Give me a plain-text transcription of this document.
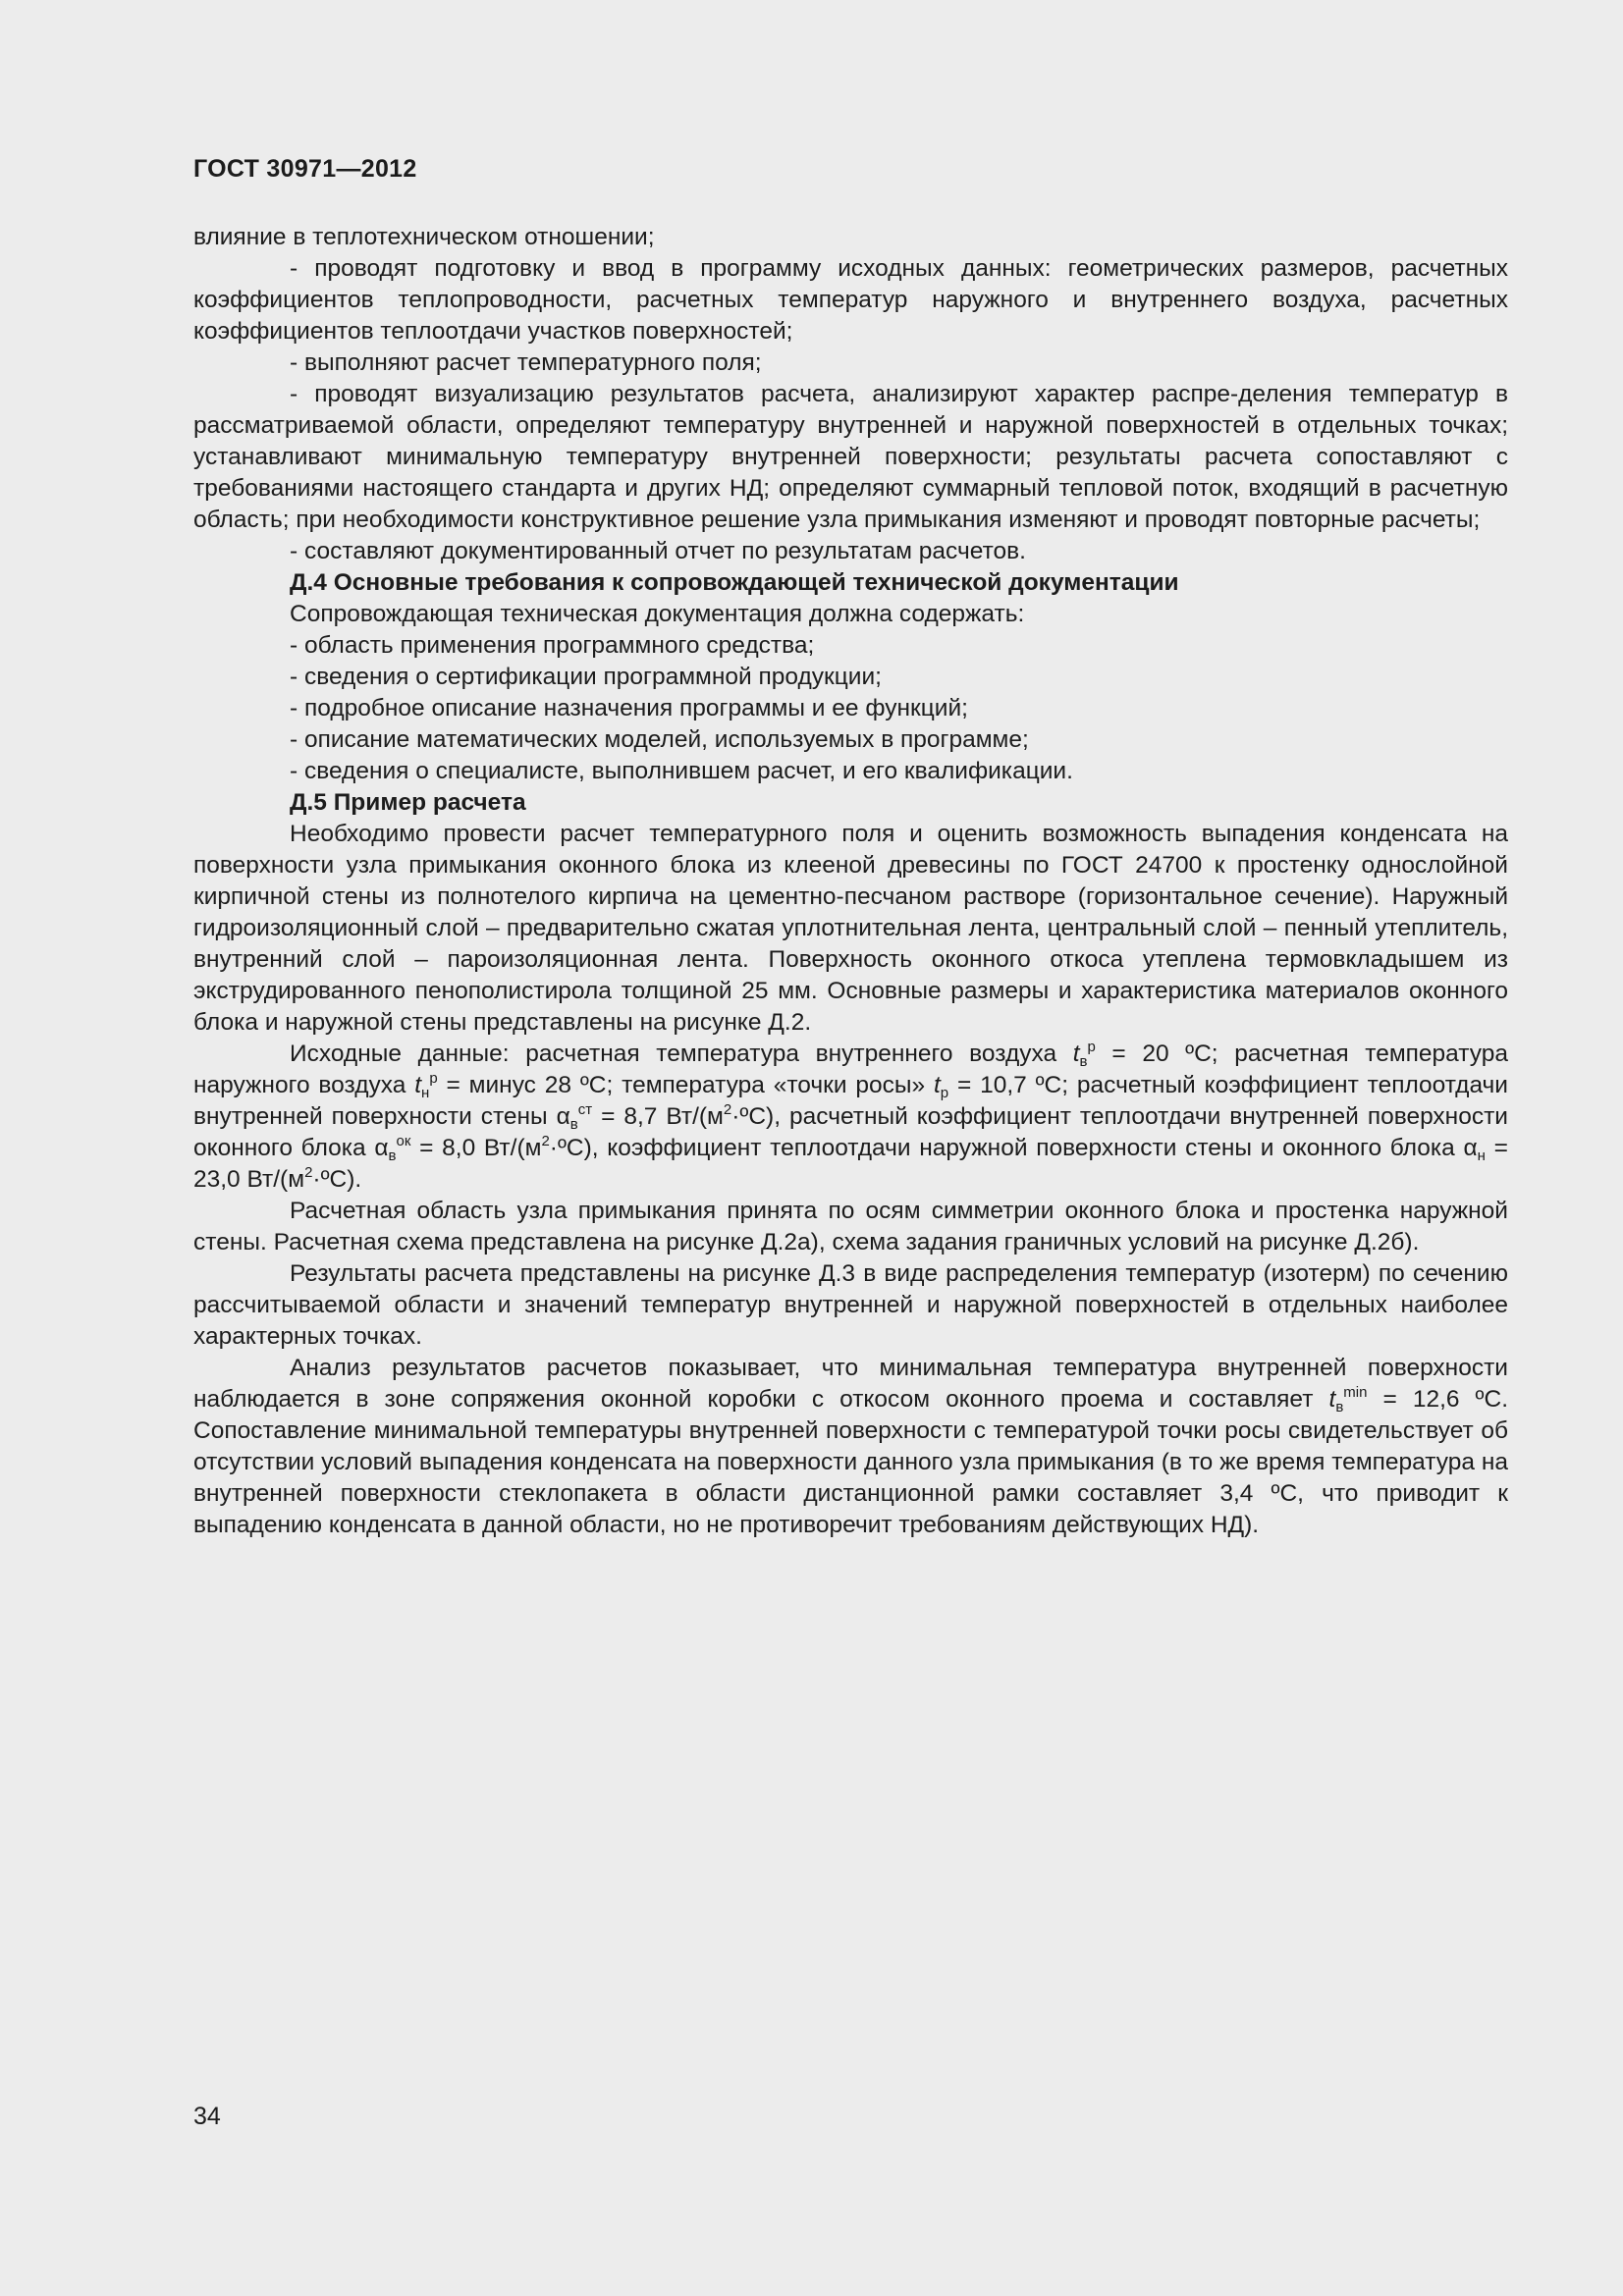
ГОСТ 30971—2012

влияние в теплотехническом отношении;

- проводят подготовку и ввод в программу исходных данных: геометрических размеров, расчетных коэффициентов теплопроводности, расчетных температур наружного и внутреннего воздуха, расчетных коэффициентов теплоотдачи участков поверхностей;

- выполняют расчет температурного поля;

- проводят визуализацию результатов расчета, анализируют характер распре-деления температур в рассматриваемой области, определяют температуру внутренней и наружной поверхностей в отдельных точках; устанавливают минимальную температуру внутренней поверхности; результаты расчета сопоставляют с требованиями настоящего стандарта и других НД; определяют суммарный тепловой поток, входящий в расчетную область; при необходимости конструктивное решение узла примыкания изменяют и проводят повторные расчеты;

- составляют документированный отчет по результатам расчетов.

Д.4 Основные требования к сопровождающей технической документации

Сопровождающая техническая документация должна содержать:

- область применения программного средства;

- сведения о сертификации программной продукции;

- подробное описание назначения программы и ее функций;

- описание математических моделей, используемых в программе;

- сведения о специалисте, выполнившем расчет, и его квалификации.

Д.5 Пример расчета

Необходимо провести расчет температурного поля и оценить возможность выпадения конденсата на поверхности узла примыкания оконного блока из клееной древесины по ГОСТ 24700 к простенку однослойной кирпичной стены из полнотелого кирпича на цементно-песчаном растворе (горизонтальное сечение). Наружный гидроизоляционный слой – предварительно сжатая уплотнительная лента, центральный слой – пенный утеплитель, внутренний слой – пароизоляционная лента. Поверхность оконного откоса утеплена термовкладышем из экструдированного пенополистирола толщиной 25 мм. Основные размеры и характеристика материалов оконного блока и наружной стены представлены на рисунке Д.2.

Исходные данные: расчетная температура внутреннего воздуха $t_в^р = 20$ ºС; расчетная температура наружного воздуха $t_н^р$ = минус 28 ºС; температура «точки росы» $t_р = 10,7$ ºС; расчетный коэффициент теплоотдачи внутренней поверхности стены $\alpha_в^{ст} = 8,7$ $Вт/(м^2\cdot ºС)$, расчетный коэффициент теплоотдачи внутренней поверхности оконного блока $\alpha_в^{ок} = 8,0$ $Вт/(м^2\cdot ºС)$, коэффициент теплоотдачи наружной поверхности стены и оконного блока $\alpha_н = 23,0$ $Вт/(м^2\cdot ºС)$.

Расчетная область узла примыкания принята по осям симметрии оконного блока и простенка наружной стены. Расчетная схема представлена на рисунке Д.2а), схема задания граничных условий на рисунке Д.2б).

Результаты расчета представлены на рисунке Д.3 в виде распределения температур (изотерм) по сечению рассчитываемой области и значений температур внутренней и наружной поверхностей в отдельных наиболее характерных точках.

Анализ результатов расчетов показывает, что минимальная температура внутренней поверхности наблюдается в зоне сопряжения оконной коробки с откосом оконного проема и составляет $t_в^{min} = 12,6$ ºС. Сопоставление минимальной температуры внутренней поверхности с температурой точки росы свидетельствует об отсутствии условий выпадения конденсата на поверхности данного узла примыкания (в то же время температура на внутренней поверхности стеклопакета в области дистанционной рамки составляет 3,4 ºС, что приводит к выпадению конденсата в данной области, но не противоречит требованиям действующих НД).

34
